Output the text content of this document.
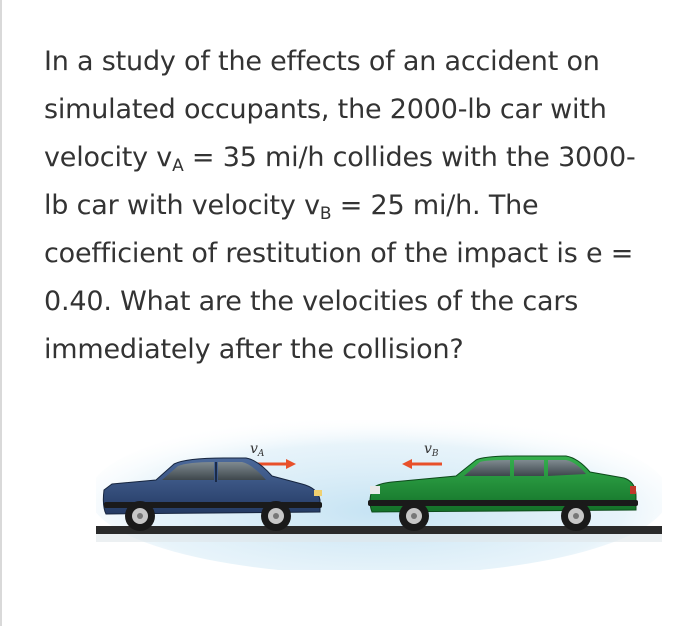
In a study of the effects of an accident on
simulated occupants, the 2000-lb car with
velocity $v_A = 35$ mi/h collides with the 3000-
lb car with velocity $v_B = 25$ mi/h. The
coefficient of restitution of the impact is e =
0.40. What are the velocities of the cars
immediately after the collision?
$v_A$	$v_B$
